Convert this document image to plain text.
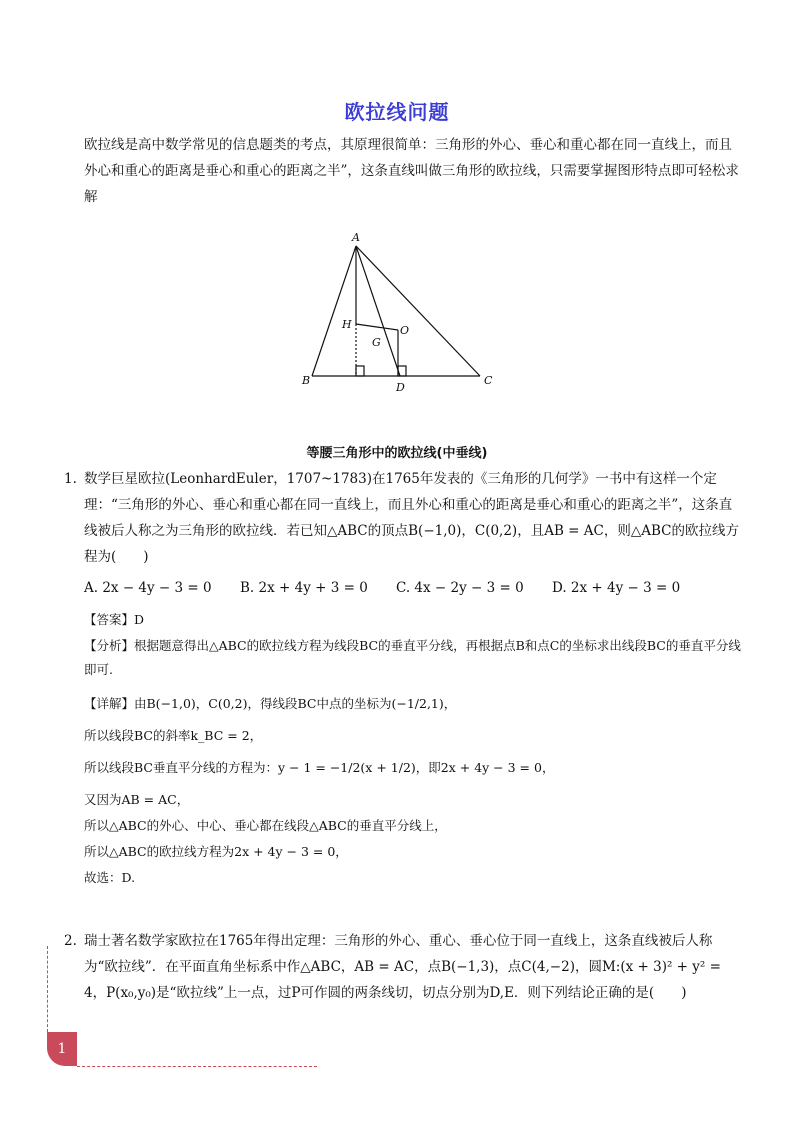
欧拉线问题
欧拉线是高中数学常见的信息题类的考点，其原理很简单：三角形的外心、垂心和重心都在同一直线上，而且外心和重心的距离是垂心和重心的距离之半”，这条直线叫做三角形的欧拉线，只需要掌握图形特点即可轻松求解
A
B	C
D
H	O
G
等腰三角形中的欧拉线(中垂线)
1. 数学巨星欧拉(LeonhardEuler，1707~1783)在1765年发表的《三角形的几何学》一书中有这样一个定理：“三角形的外心、垂心和重心都在同一直线上，而且外心和重心的距离是垂心和重心的距离之半”，这条直线被后人称之为三角形的欧拉线．若已知△ABC的顶点B(−1,0)，C(0,2)，且AB = AC，则△ABC的欧拉线方程为(　　)
A. 2x − 4y − 3 = 0 B. 2x + 4y + 3 = 0 C. 4x − 2y − 3 = 0 D. 2x + 4y − 3 = 0
【答案】D
【分析】根据题意得出△ABC的欧拉线方程为线段BC的垂直平分线，再根据点B和点C的坐标求出线段BC的垂直平分线即可.
【详解】由B(−1,0)，C(0,2)，得线段BC中点的坐标为(−1/2,1)，
所以线段BC的斜率k_BC = 2，
所以线段BC垂直平分线的方程为：y − 1 = −1/2(x + 1/2)，即2x + 4y − 3 = 0，
又因为AB = AC，
所以△ABC的外心、中心、垂心都在线段△ABC的垂直平分线上，
所以△ABC的欧拉线方程为2x + 4y − 3 = 0，
故选：D.
2. 瑞士著名数学家欧拉在1765年得出定理：三角形的外心、重心、垂心位于同一直线上，这条直线被后人称为“欧拉线”．在平面直角坐标系中作△ABC，AB = AC，点B(−1,3)，点C(4,−2)，圆M:(x + 3)² + y² = 4，P(x₀,y₀)是“欧拉线”上一点，过P可作圆的两条线切，切点分别为D,E．则下列结论正确的是(　　)
1
